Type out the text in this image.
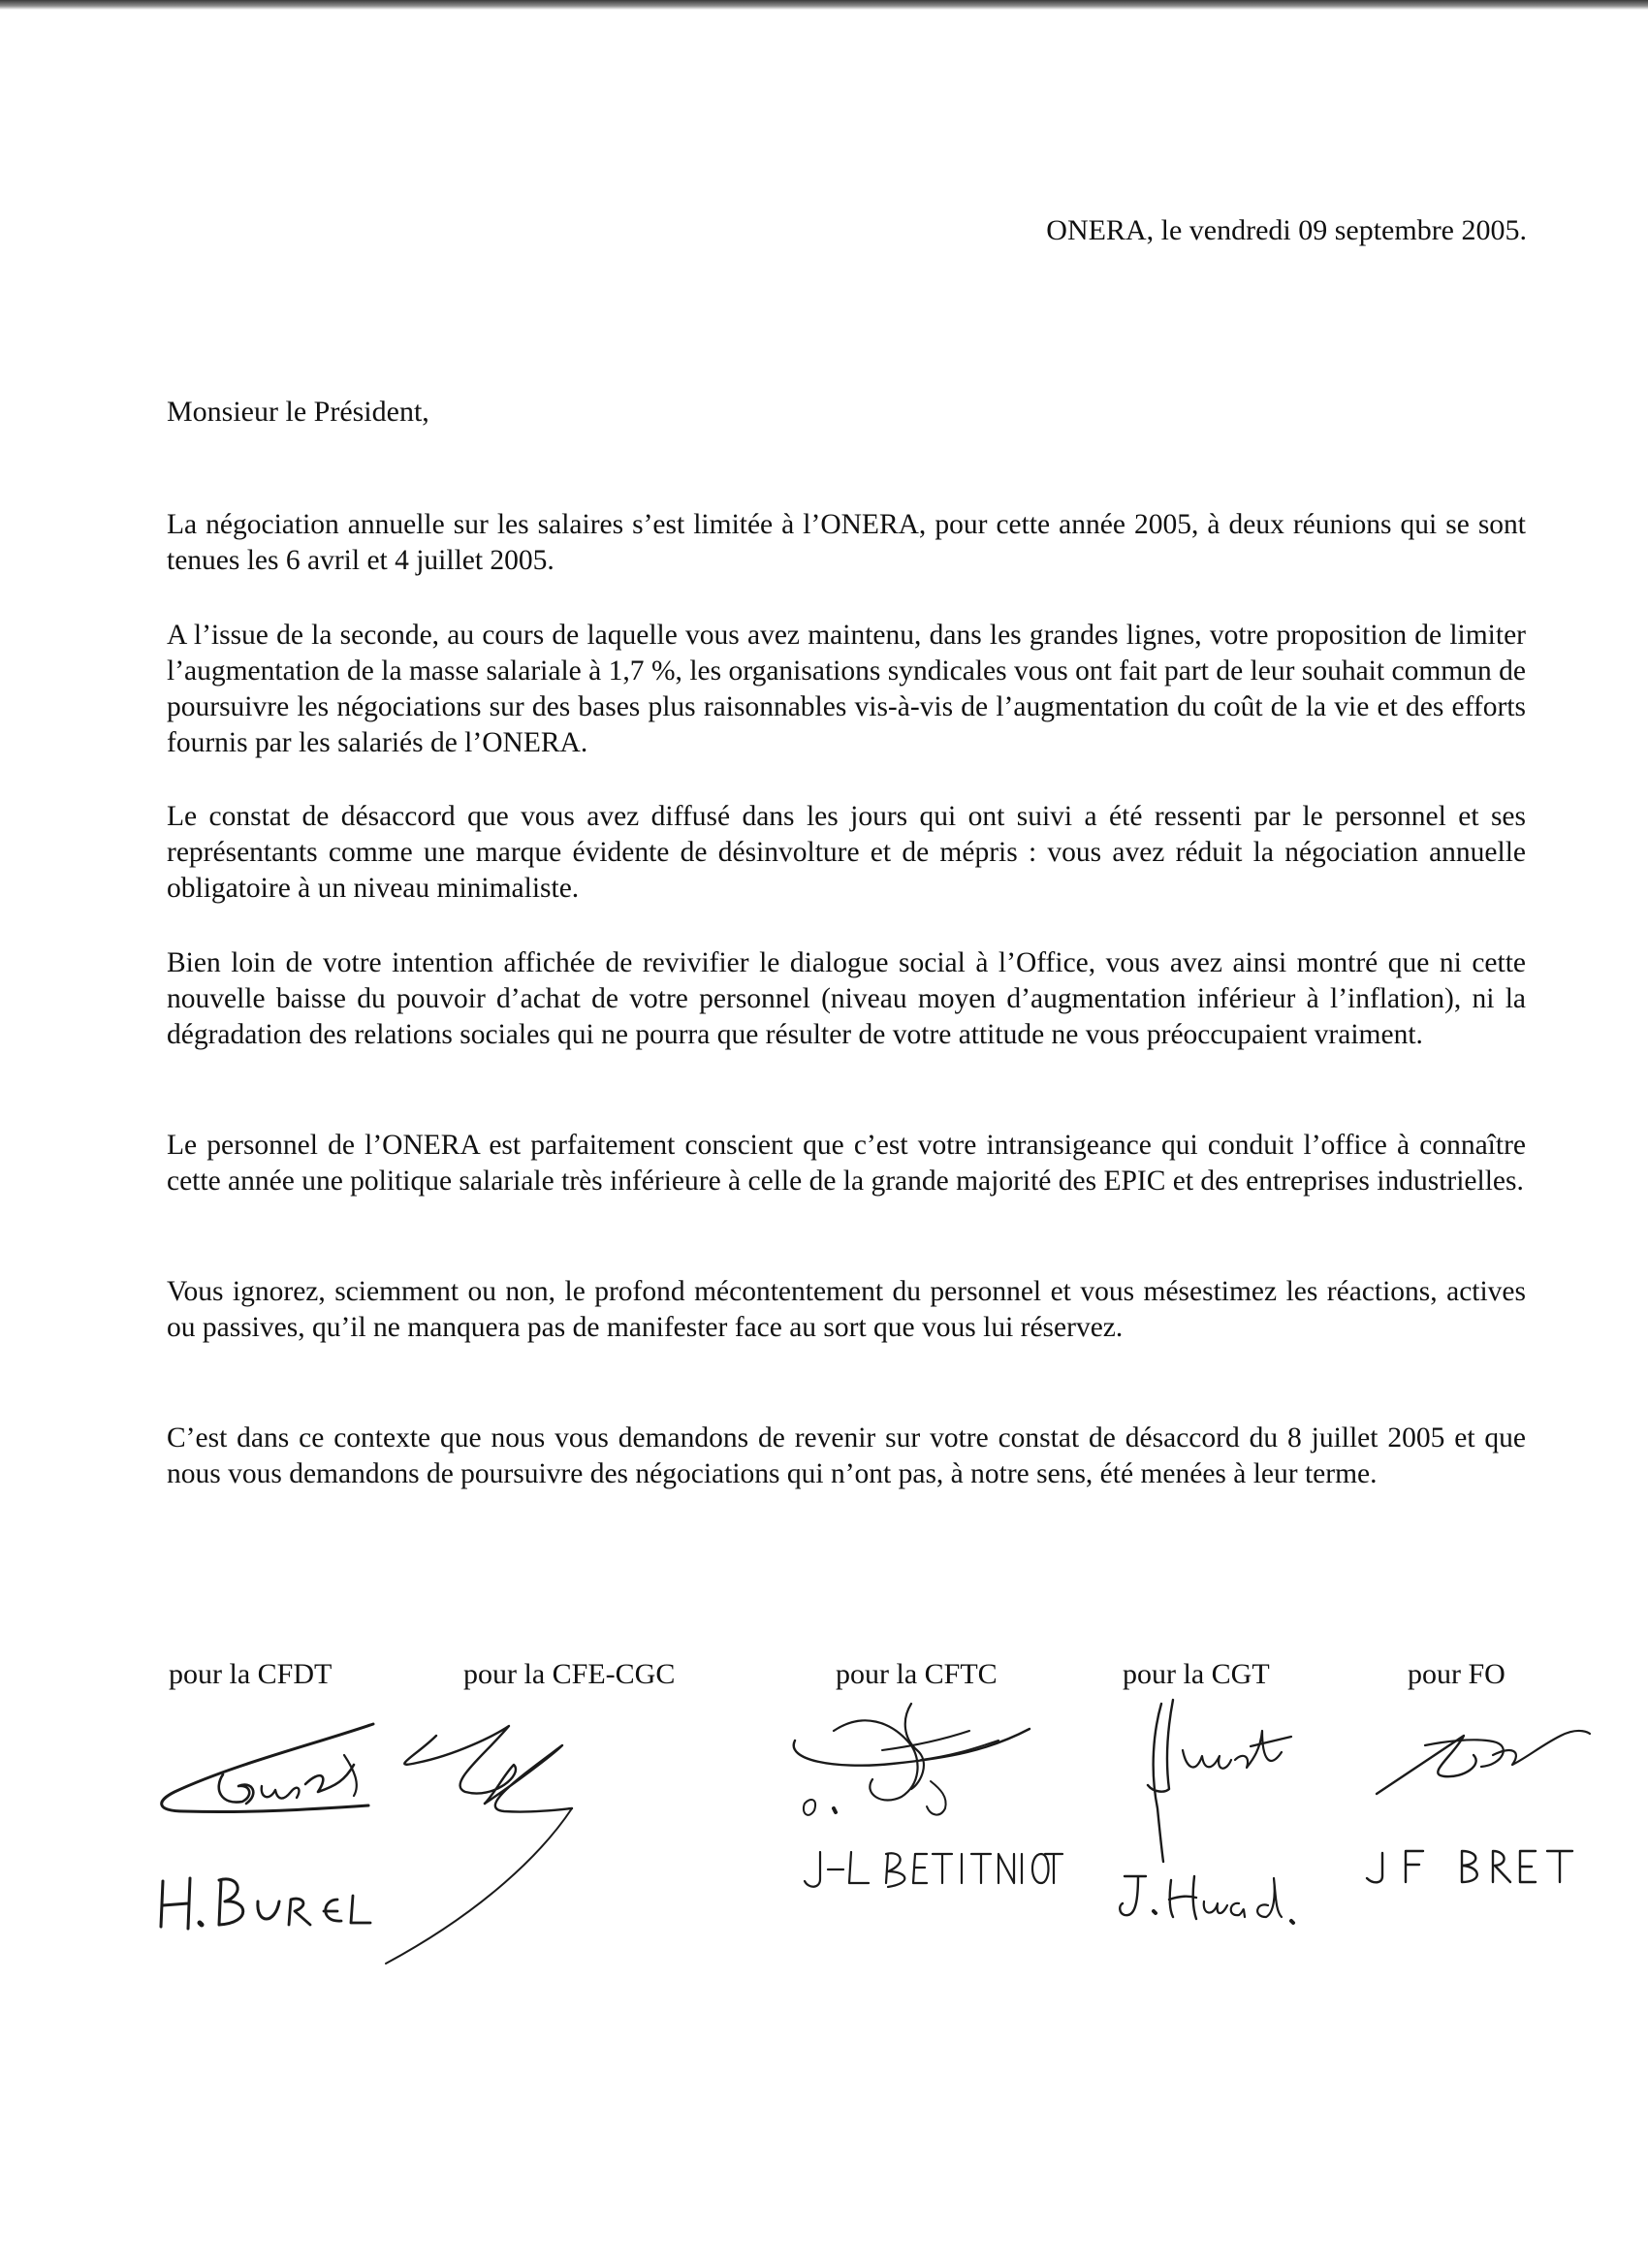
ONERA, le vendredi 09 septembre 2005.
Monsieur le Président,

La négociation annuelle sur les salaires s’est limitée à l’ONERA, pour cette année 2005, à deux réunions qui se sont tenues les 6 avril et 4 juillet 2005.

A l’issue de la seconde, au cours de laquelle vous avez maintenu, dans les grandes lignes, votre proposition de limiter l’augmentation de la masse salariale à 1,7 %, les organisations syndicales vous ont fait part de leur souhait commun de poursuivre les négociations sur des bases plus raisonnables vis-à-vis de l’augmentation du coût de la vie et des efforts fournis par les salariés de l’ONERA.

Le constat de désaccord que vous avez diffusé dans les jours qui ont suivi a été ressenti par le personnel et ses représentants comme une marque évidente de désinvolture et de mépris : vous avez réduit la négociation annuelle obligatoire à un niveau minimaliste.

Bien loin de votre intention affichée de revivifier le dialogue social à l’Office, vous avez ainsi montré que ni cette nouvelle baisse du pouvoir d’achat de votre personnel (niveau moyen d’augmentation inférieur à l’inflation), ni la dégradation des relations sociales qui ne pourra que résulter de votre attitude ne vous préoccupaient vraiment.

Le personnel de l’ONERA est parfaitement conscient que c’est votre intransigeance qui conduit l’office à connaître cette année une politique salariale très inférieure à celle de la grande majorité des EPIC et des entreprises industrielles.

Vous ignorez, sciemment ou non, le profond mécontentement du personnel et vous mésestimez les réactions, actives ou passives, qu’il ne manquera pas de manifester face au sort que vous lui réservez.

C’est dans ce contexte que nous vous demandons de revenir sur votre constat de désaccord du 8 juillet 2005 et que nous vous demandons de poursuivre des négociations qui n’ont pas, à notre sens, été menées à leur terme.

pour la CFDT	pour la CFE-CGC	pour la CFTC	pour la CGT	pour FO
